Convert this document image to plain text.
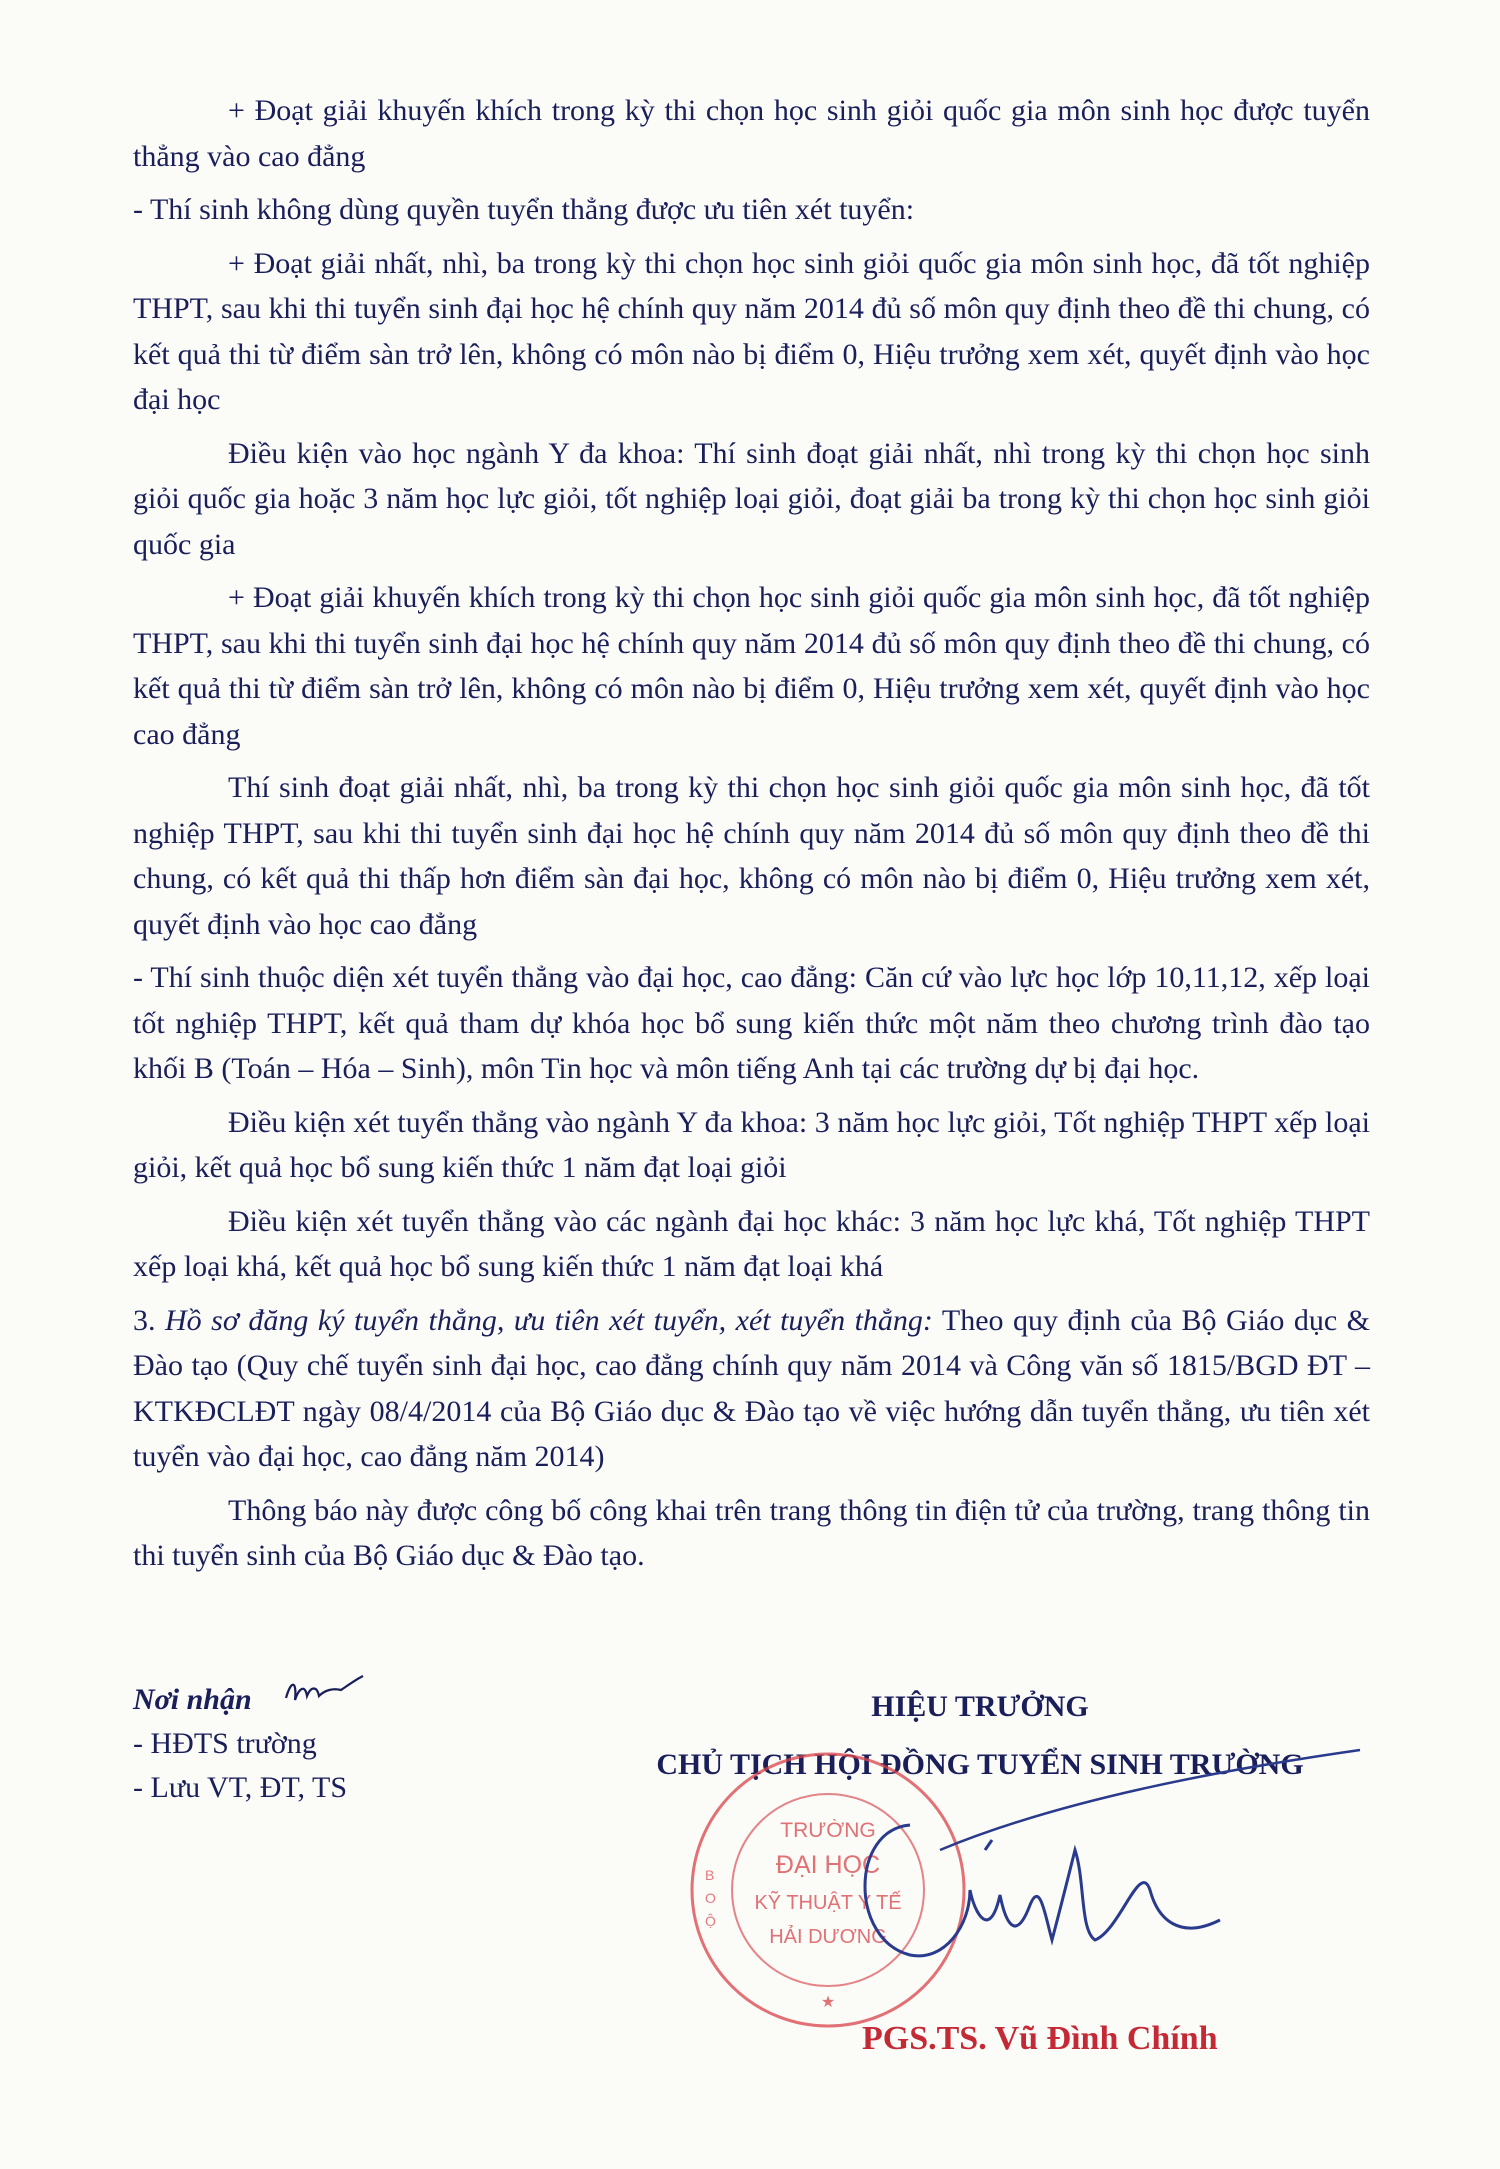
+ Đoạt giải khuyến khích trong kỳ thi chọn học sinh giỏi quốc gia môn sinh học được tuyển thẳng vào cao đẳng

- Thí sinh không dùng quyền tuyển thẳng được ưu tiên xét tuyển:

+ Đoạt giải nhất, nhì, ba trong kỳ thi chọn học sinh giỏi quốc gia môn sinh học, đã tốt nghiệp THPT, sau khi thi tuyển sinh đại học hệ chính quy năm 2014 đủ số môn quy định theo đề thi chung, có kết quả thi từ điểm sàn trở lên, không có môn nào bị điểm 0, Hiệu trưởng xem xét, quyết định vào học đại học

Điều kiện vào học ngành Y đa khoa: Thí sinh đoạt giải nhất, nhì trong kỳ thi chọn học sinh giỏi quốc gia hoặc 3 năm học lực giỏi, tốt nghiệp loại giỏi, đoạt giải ba trong kỳ thi chọn học sinh giỏi quốc gia

+ Đoạt giải khuyến khích trong kỳ thi chọn học sinh giỏi quốc gia môn sinh học, đã tốt nghiệp THPT, sau khi thi tuyển sinh đại học hệ chính quy năm 2014 đủ số môn quy định theo đề thi chung, có kết quả thi từ điểm sàn trở lên, không có môn nào bị điểm 0, Hiệu trưởng xem xét, quyết định vào học cao đẳng

Thí sinh đoạt giải nhất, nhì, ba trong kỳ thi chọn học sinh giỏi quốc gia môn sinh học, đã tốt nghiệp THPT, sau khi thi tuyển sinh đại học hệ chính quy năm 2014 đủ số môn quy định theo đề thi chung, có kết quả thi thấp hơn điểm sàn đại học, không có môn nào bị điểm 0, Hiệu trưởng xem xét, quyết định vào học cao đẳng

- Thí sinh thuộc diện xét tuyển thẳng vào đại học, cao đẳng: Căn cứ vào lực học lớp 10,11,12, xếp loại tốt nghiệp THPT, kết quả tham dự khóa học bổ sung kiến thức một năm theo chương trình đào tạo khối B (Toán – Hóa – Sinh), môn Tin học và môn tiếng Anh tại các trường dự bị đại học.

Điều kiện xét tuyển thẳng vào ngành Y đa khoa: 3 năm học lực giỏi, Tốt nghiệp THPT xếp loại giỏi, kết quả học bổ sung kiến thức 1 năm đạt loại giỏi

Điều kiện xét tuyển thẳng vào các ngành đại học khác: 3 năm học lực khá, Tốt nghiệp THPT xếp loại khá, kết quả học bổ sung kiến thức 1 năm đạt loại khá

3. Hồ sơ đăng ký tuyển thẳng, ưu tiên xét tuyển, xét tuyển thẳng: Theo quy định của Bộ Giáo dục & Đào tạo (Quy chế tuyển sinh đại học, cao đẳng chính quy năm 2014 và Công văn số 1815/BGD ĐT – KTKĐCLĐT ngày 08/4/2014 của Bộ Giáo dục & Đào tạo về việc hướng dẫn tuyển thẳng, ưu tiên xét tuyển vào đại học, cao đẳng năm 2014)

Thông báo này được công bố công khai trên trang thông tin điện tử của trường, trang thông tin thi tuyển sinh của Bộ Giáo dục & Đào tạo.

Nơi nhận
- HĐTS trường
- Lưu VT, ĐT, TS
HIỆU TRƯỞNG
CHỦ TỊCH HỘI ĐỒNG TUYỂN SINH TRƯỜNG
TRƯỜNG
ĐẠI HỌC
KỸ THUẬT Y TẾ
HẢI DƯƠNG
★
B
O
Ộ
PGS.TS. Vũ Đình Chính
